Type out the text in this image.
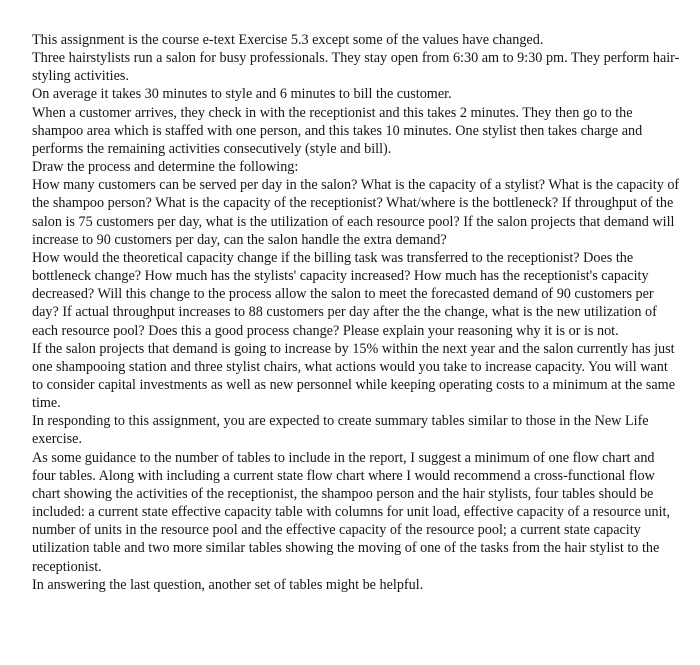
This assignment is the course e-text Exercise 5.3 except some of the values have changed.

Three hairstylists run a salon for busy professionals. They stay open from 6:30 am to 9:30 pm. They perform hair-styling activities.

On average it takes 30 minutes to style and 6 minutes to bill the customer.

When a customer arrives, they check in with the receptionist and this takes 2 minutes. They then go to the shampoo area which is staffed with one person, and this takes 10 minutes. One stylist then takes charge and performs the remaining activities consecutively (style and bill).

Draw the process and determine the following:

How many customers can be served per day in the salon? What is the capacity of a stylist? What is the capacity of the shampoo person? What is the capacity of the receptionist? What/where is the bottleneck? If throughput of the salon is 75 customers per day, what is the utilization of each resource pool? If the salon projects that demand will increase to 90 customers per day, can the salon handle the extra demand?

How would the theoretical capacity change if the billing task was transferred to the receptionist? Does the bottleneck change? How much has the stylists' capacity increased? How much has the receptionist's capacity decreased? Will this change to the process allow the salon to meet the forecasted demand of 90 customers per day? If actual throughput increases to 88 customers per day after the the change, what is the new utilization of each resource pool? Does this a good process change? Please explain your reasoning why it is or is not.

If the salon projects that demand is going to increase by 15% within the next year and the salon currently has just one shampooing station and three stylist chairs, what actions would you take to increase capacity. You will want to consider capital investments as well as new personnel while keeping operating costs to a minimum at the same time.

In responding to this assignment, you are expected to create summary tables similar to those in the New Life exercise.

As some guidance to the number of tables to include in the report, I suggest a minimum of one flow chart and four tables. Along with including a current state flow chart where I would recommend a cross-functional flow chart showing the activities of the receptionist, the shampoo person and the hair stylists, four tables should be included: a current state effective capacity table with columns for unit load, effective capacity of a resource unit, number of units in the resource pool and the effective capacity of the resource pool; a current state capacity utilization table and two more similar tables showing the moving of one of the tasks from the hair stylist to the receptionist.

In answering the last question, another set of tables might be helpful.
